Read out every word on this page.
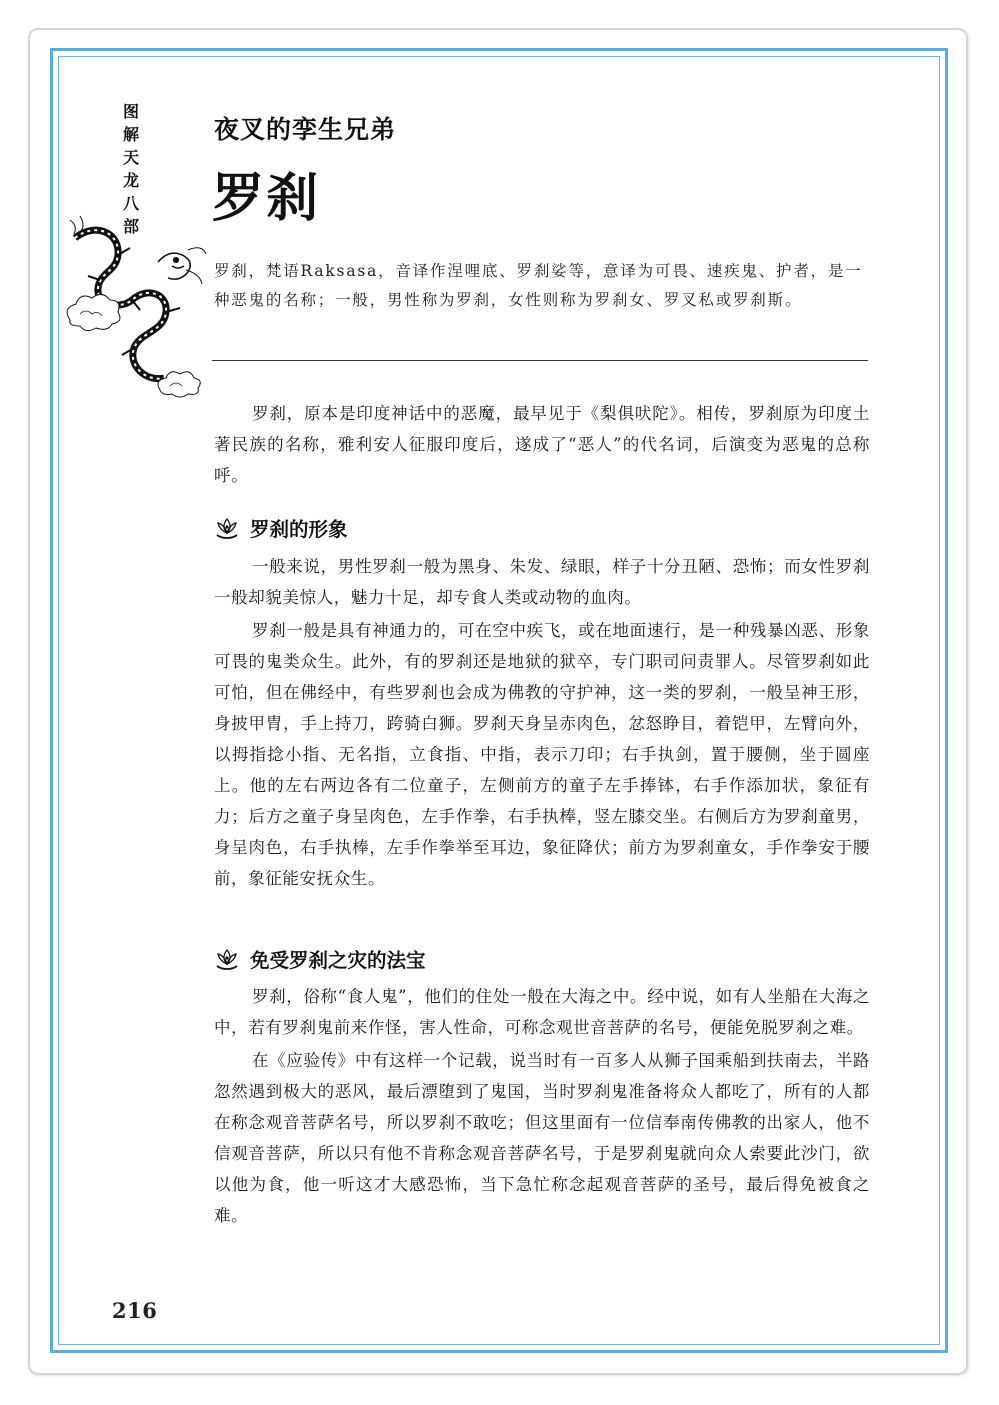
图
解
天
龙
八
部
夜叉的孪生兄弟
罗刹
罗刹，梵语Raksasa，音译作涅哩底、罗刹娑等，意译为可畏、速疾鬼、护者，是一种恶鬼的名称；一般，男性称为罗刹，女性则称为罗刹女、罗叉私或罗刹斯。

罗刹，原本是印度神话中的恶魔，最早见于《梨俱吠陀》。相传，罗刹原为印度土著民族的名称，雅利安人征服印度后，遂成了“恶人”的代名词，后演变为恶鬼的总称呼。

罗刹的形象

一般来说，男性罗刹一般为黑身、朱发、绿眼，样子十分丑陋、恐怖；而女性罗刹一般却貌美惊人，魅力十足，却专食人类或动物的血肉。

罗刹一般是具有神通力的，可在空中疾飞，或在地面速行，是一种残暴凶恶、形象可畏的鬼类众生。此外，有的罗刹还是地狱的狱卒，专门职司问责罪人。尽管罗刹如此可怕，但在佛经中，有些罗刹也会成为佛教的守护神，这一类的罗刹，一般呈神王形，身披甲胄，手上持刀，跨骑白狮。罗刹天身呈赤肉色，忿怒睁目，着铠甲，左臂向外，以拇指捻小指、无名指，立食指、中指，表示刀印；右手执剑，置于腰侧，坐于圆座上。他的左右两边各有二位童子，左侧前方的童子左手捧钵，右手作添加状，象征有力；后方之童子身呈肉色，左手作拳，右手执棒，竖左膝交坐。右侧后方为罗刹童男，身呈肉色，右手执棒，左手作拳举至耳边，象征降伏；前方为罗刹童女，手作拳安于腰前，象征能安抚众生。

免受罗刹之灾的法宝

罗刹，俗称“食人鬼”，他们的住处一般在大海之中。经中说，如有人坐船在大海之中，若有罗刹鬼前来作怪，害人性命，可称念观世音菩萨的名号，便能免脱罗刹之难。

在《应验传》中有这样一个记载，说当时有一百多人从狮子国乘船到扶南去，半路忽然遇到极大的恶风，最后漂堕到了鬼国，当时罗刹鬼准备将众人都吃了，所有的人都在称念观音菩萨名号，所以罗刹不敢吃；但这里面有一位信奉南传佛教的出家人，他不信观音菩萨，所以只有他不肯称念观音菩萨名号，于是罗刹鬼就向众人索要此沙门，欲以他为食，他一听这才大感恐怖，当下急忙称念起观音菩萨的圣号，最后得免被食之难。

216
